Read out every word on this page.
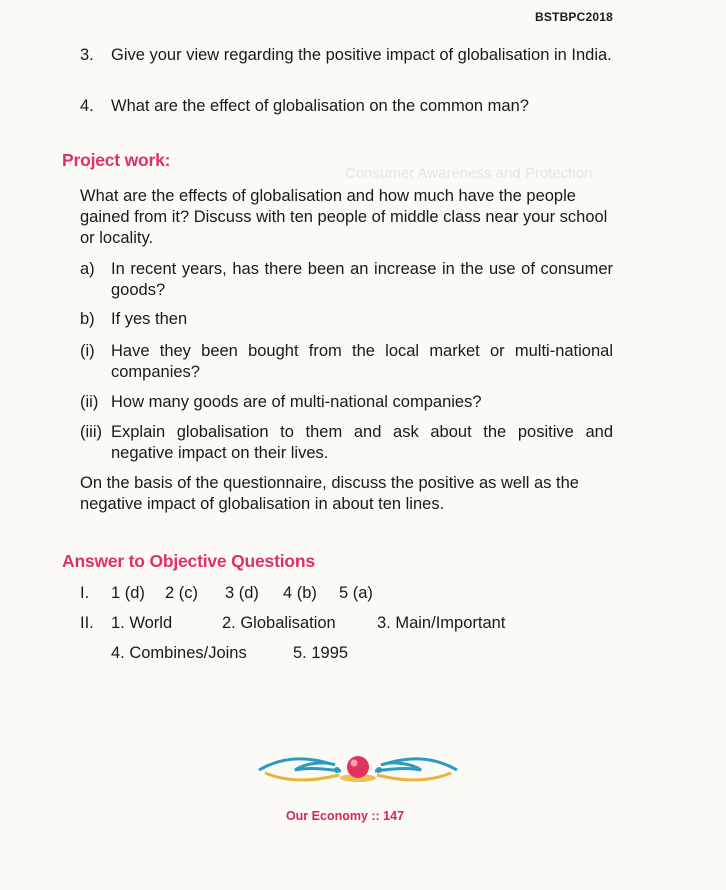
Consumer Awareness and Protection
BSTBPC2018
3. Give your view regarding the positive impact of globalisation in India.
4. What are the effect of globalisation on the common man?
Project work:
What are the effects of globalisation and how much have the people gained from it? Discuss with ten people of middle class near your school or locality.
a) In recent years, has there been an increase in the use of consumer goods?
b) If yes then
(i) Have they been bought from the local market or multi-national companies?
(ii) How many goods are of multi-national companies?
(iii) Explain globalisation to them and ask about the positive and negative impact on their lives.
On the basis of the questionnaire, discuss the positive as well as the negative impact of globalisation in about ten lines.
Answer to Objective Questions
I. 1 (d) 2 (c) 3 (d) 4 (b) 5 (a)
II. 1. World	2. Globalisation	3. Main/Important
4. Combines/Joins	5. 1995
Our Economy :: 147
